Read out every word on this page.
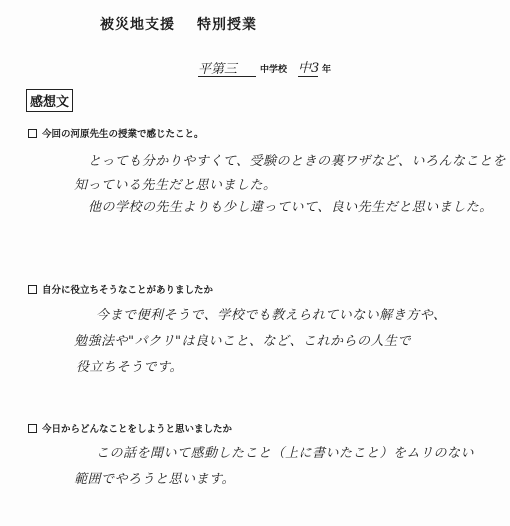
被災地支援 特別授業
平第三	中学校 中3 年
感想文
今回の河原先生の授業で感じたこと。
とっても分かりやすくて、受験のときの裏ワザなど、いろんなことを
知っている先生だと思いました。
他の学校の先生よりも少し違っていて、良い先生だと思いました。
自分に役立ちそうなことがありましたか
今まで便利そうで、学校でも教えられていない解き方や、
勉強法や"パクリ"は良いこと、など、これからの人生で
役立ちそうです。
今日からどんなことをしようと思いましたか
この話を聞いて感動したこと（上に書いたこと）をムリのない
範囲でやろうと思います。
